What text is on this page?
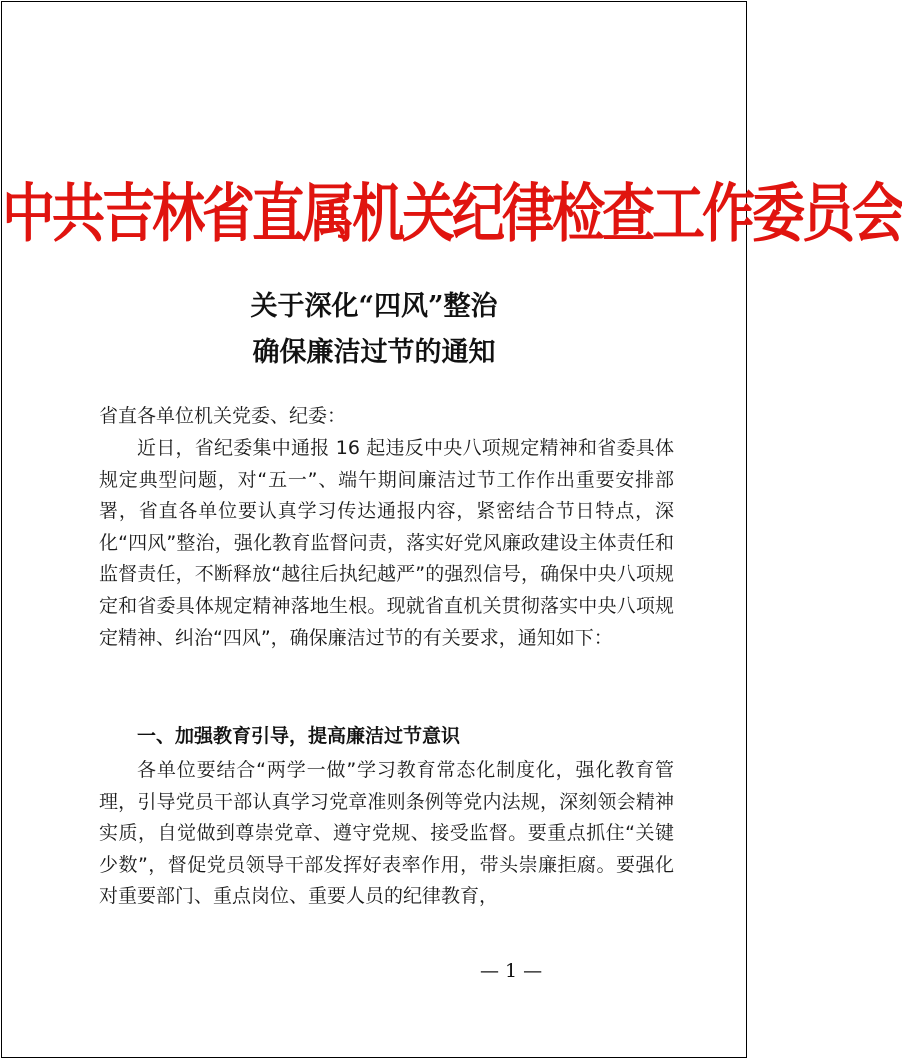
中共吉林省直属机关纪律检查工作委员会
关于深化“四风”整治
确保廉洁过节的通知
省直各单位机关党委、纪委：
近日，省纪委集中通报 16 起违反中央八项规定精神和省委具体规定典型问题，对“五一”、端午期间廉洁过节工作作出重要安排部署，省直各单位要认真学习传达通报内容，紧密结合节日特点，深化“四风”整治，强化教育监督问责，落实好党风廉政建设主体责任和监督责任，不断释放“越往后执纪越严”的强烈信号，确保中央八项规定和省委具体规定精神落地生根。现就省直机关贯彻落实中央八项规定精神、纠治“四风”，确保廉洁过节的有关要求，通知如下：
一、加强教育引导，提高廉洁过节意识
各单位要结合“两学一做”学习教育常态化制度化，强化教育管理，引导党员干部认真学习党章准则条例等党内法规，深刻领会精神实质，自觉做到尊崇党章、遵守党规、接受监督。要重点抓住“关键少数”，督促党员领导干部发挥好表率作用，带头崇廉拒腐。要强化对重要部门、重点岗位、重要人员的纪律教育，
— 1 —
